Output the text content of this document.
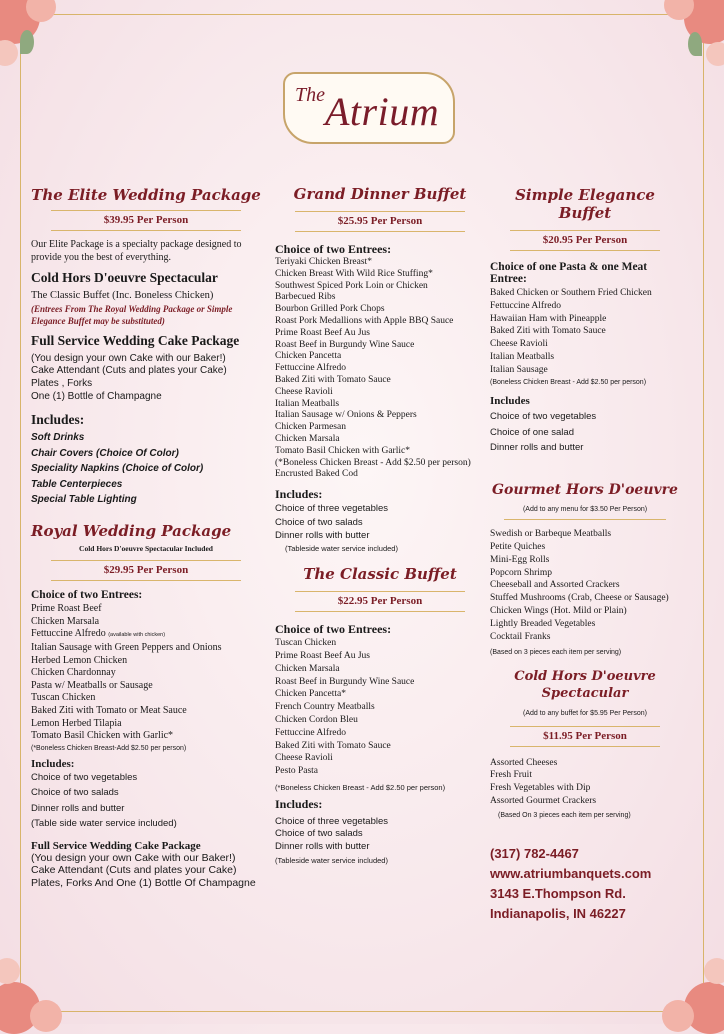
The Atrium
The Elite Wedding Package
$39.95 Per Person
Our Elite Package is a specialty package designed to provide you the best of everything.
Cold Hors D'oeuvre Spectacular
The Classic Buffet (Inc. Boneless Chicken)
(Entrees From The Royal Wedding Package or Simple Elegance Buffet may be substituted)
Full Service Wedding Cake Package
(You design your own Cake with our Baker!)
Cake Attendant (Cuts and plates your Cake)
Plates , Forks
One (1) Bottle of Champagne
Includes:
Soft Drinks
Chair Covers (Choice Of Color)
Speciality Napkins (Choice of Color)
Table Centerpieces
Special Table Lighting
Royal Wedding Package
Cold Hors D'oeuvre Spectacular Included
$29.95 Per Person
Choice of two Entrees:
Prime Roast Beef
Chicken Marsala
Fettuccine Alfredo (available with chicken)
Italian Sausage with Green Peppers and Onions
Herbed Lemon Chicken
Chicken Chardonnay
Pasta w/ Meatballs or Sausage
Tuscan Chicken
Baked Ziti with Tomato or Meat Sauce
Lemon Herbed Tilapia
Tomato Basil Chicken with Garlic*
(*Boneless Chicken Breast-Add $2.50 per person)
Includes:
Choice of two vegetables
Choice of two salads
Dinner rolls and butter
(Table side water service included)
Full Service Wedding Cake Package
(You design your own Cake with our Baker!)
Cake Attendant (Cuts and plates your Cake)
Plates, Forks And One (1) Bottle Of Champagne
Grand Dinner Buffet
$25.95 Per Person
Choice of two Entrees:
Teriyaki Chicken Breast*
Chicken Breast With Wild Rice Stuffing*
Southwest Spiced Pork Loin or Chicken
Barbecued Ribs
Bourbon Grilled Pork Chops
Roast Pork Medallions with Apple BBQ Sauce
Prime Roast Beef Au Jus
Roast Beef in Burgundy Wine Sauce
Chicken Pancetta
Fettuccine Alfredo
Baked Ziti with Tomato Sauce
Cheese Ravioli
Italian Meatballs
Italian Sausage w/ Onions & Peppers
Chicken Parmesan
Chicken Marsala
Tomato Basil Chicken with Garlic*
(*Boneless Chicken Breast - Add $2.50 per person)
Encrusted Baked Cod
Includes:
Choice of three vegetables
Choice of two salads
Dinner rolls with butter
(Tableside water service included)
The Classic Buffet
$22.95 Per Person
Choice of two Entrees:
Tuscan Chicken
Prime Roast Beef Au Jus
Chicken Marsala
Roast Beef in Burgundy Wine Sauce
Chicken Pancetta*
French Country Meatballs
Chicken Cordon Bleu
Fettuccine Alfredo
Baked Ziti with Tomato Sauce
Cheese Ravioli
Pesto Pasta
(*Boneless Chicken Breast - Add $2.50 per person)
Includes:
Choice of three vegetables
Choice of two salads
Dinner rolls with butter
(Tableside water service included)
Simple Elegance Buffet
$20.95 Per Person
Choice of one Pasta & one Meat Entree:
Baked Chicken or Southern Fried Chicken
Fettuccine Alfredo
Hawaiian Ham with Pineapple
Baked Ziti with Tomato Sauce
Cheese Ravioli
Italian Meatballs
Italian Sausage
(Boneless Chicken Breast - Add $2.50 per person)
Includes
Choice of two vegetables
Choice of one salad
Dinner rolls and butter
Gourmet Hors D'oeuvre
(Add to any menu for $3.50 Per Person)
Swedish or Barbeque Meatballs
Petite Quiches
Mini-Egg Rolls
Popcorn Shrimp
Cheeseball and Assorted Crackers
Stuffed Mushrooms (Crab, Cheese or Sausage)
Chicken Wings (Hot. Mild or Plain)
Lightly Breaded Vegetables
Cocktail Franks
(Based on 3 pieces each item per serving)
Cold Hors D'oeuvre
Spectacular
(Add to any buffet for $5.95 Per Person)
$11.95 Per Person
Assorted Cheeses
Fresh Fruit
Fresh Vegetables with Dip
Assorted Gourmet Crackers
(Based On 3 pieces each item per serving)
(317) 782-4467
www.atriumbanquets.com
3143 E.Thompson Rd.
Indianapolis, IN 46227
